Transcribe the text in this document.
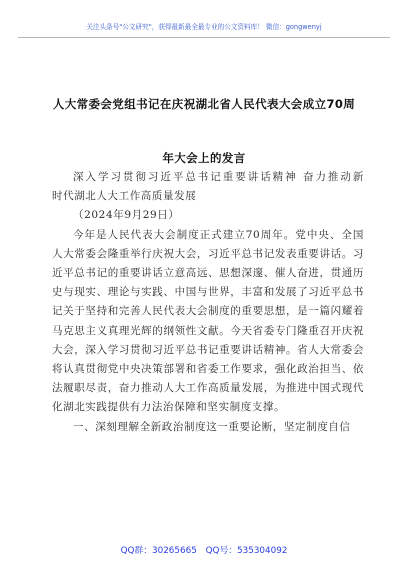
关注头条号"公文研究"，获得最新最全最专业的公文资料库！ 微信：gongwenyj
人大常委会党组书记在庆祝湖北省人民代表大会成立70周
年大会上的发言

深入学习贯彻习近平总书记重要讲话精神 奋力推动新

时代湖北人大工作高质量发展

（2024年9月29日）

今年是人民代表大会制度正式建立70周年。党中央、全国人大常委会隆重举行庆祝大会，习近平总书记发表重要讲话。习近平总书记的重要讲话立意高远、思想深邃、催人奋进，贯通历史与现实、理论与实践、中国与世界，丰富和发展了习近平总书记关于坚持和完善人民代表大会制度的重要思想，是一篇闪耀着马克思主义真理光辉的纲领性文献。今天省委专门隆重召开庆祝大会，深入学习贯彻习近平总书记重要讲话精神。省人大常委会将认真贯彻党中央决策部署和省委工作要求，强化政治担当、依法履职尽责，奋力推动人大工作高质量发展，为推进中国式现代化湖北实践提供有力法治保障和坚实制度支撑。

一、深刻理解全新政治制度这一重要论断，坚定制度自信

QQ群：30265665 QQ号：535304092
